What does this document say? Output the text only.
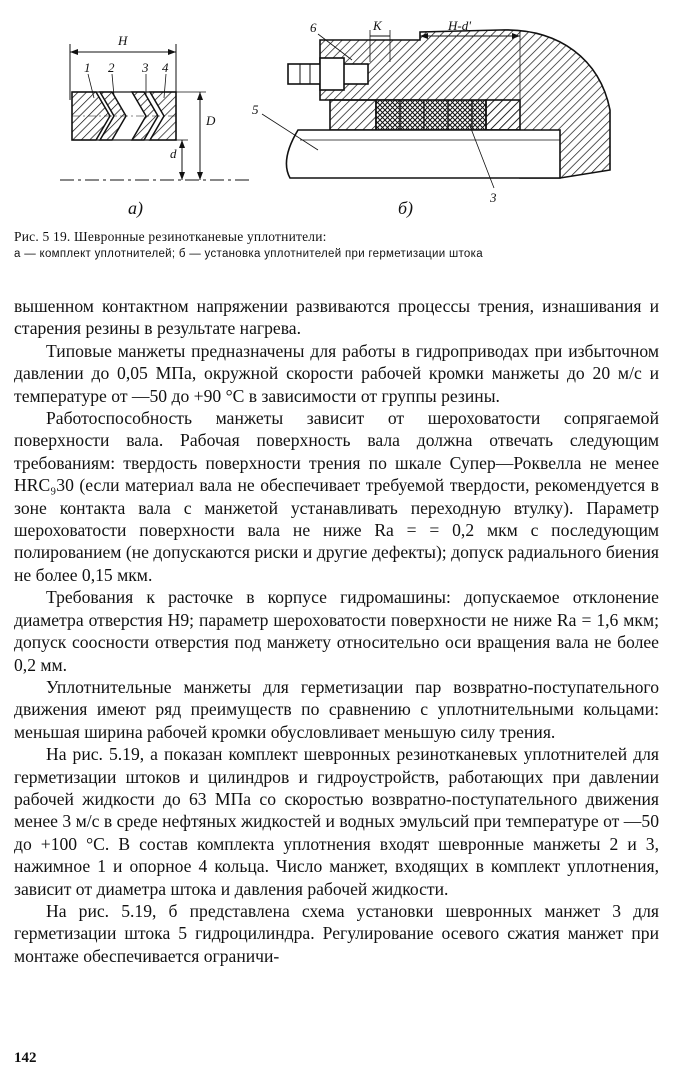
H
1 2 3 4
D
d
K	H-d'
6
5
3
а)	б)
Рис. 5 19. Шевронные резинотканевые уплотнители:
а — комплект уплотнителей; б — установка уплотнителей при герметизации штока

вышенном контактном напряжении развиваются процессы трения, изнашивания и старения резины в результате нагрева.

Типовые манжеты предназначены для работы в гидроприводах при избыточном давлении до 0,05 МПа, окружной скорости рабочей кромки манжеты до 20 м/с и температуре от —50 до +90 °С в зависимости от группы резины.

Работоспособность манжеты зависит от шероховатости сопрягаемой поверхности вала. Рабочая поверхность вала должна отвечать следующим требованиям: твердость поверхности трения по шкале Супер—Роквелла не менее HRC₉30 (если материал вала не обеспечивает требуемой твердости, рекомендуется в зоне контакта вала с манжетой устанавливать переходную втулку). Параметр шероховатости поверхности вала не ниже Ra = = 0,2 мкм с последующим полированием (не допускаются риски и другие дефекты); допуск радиального биения не более 0,15 мкм.

Требования к расточке в корпусе гидромашины: допускаемое отклонение диаметра отверстия Н9; параметр шероховатости поверхности не ниже Ra = 1,6 мкм; допуск соосности отверстия под манжету относительно оси вращения вала не более 0,2 мм.

Уплотнительные манжеты для герметизации пар возвратно-поступательного движения имеют ряд преимуществ по сравнению с уплотнительными кольцами: меньшая ширина рабочей кромки обусловливает меньшую силу трения.

На рис. 5.19, а показан комплект шевронных резинотканевых уплотнителей для герметизации штоков и цилиндров и гидроустройств, работающих при давлении рабочей жидкости до 63 МПа со скоростью возвратно-поступательного движения менее 3 м/с в среде нефтяных жидкостей и водных эмульсий при температуре от —50 до +100 °С. В состав комплекта уплотнения входят шевронные манжеты 2 и 3, нажимное 1 и опорное 4 кольца. Число манжет, входящих в комплект уплотнения, зависит от диаметра штока и давления рабочей жидкости.

На рис. 5.19, б представлена схема установки шевронных манжет 3 для герметизации штока 5 гидроцилиндра. Регулирование осевого сжатия манжет при монтаже обеспечивается ограничи-

142
